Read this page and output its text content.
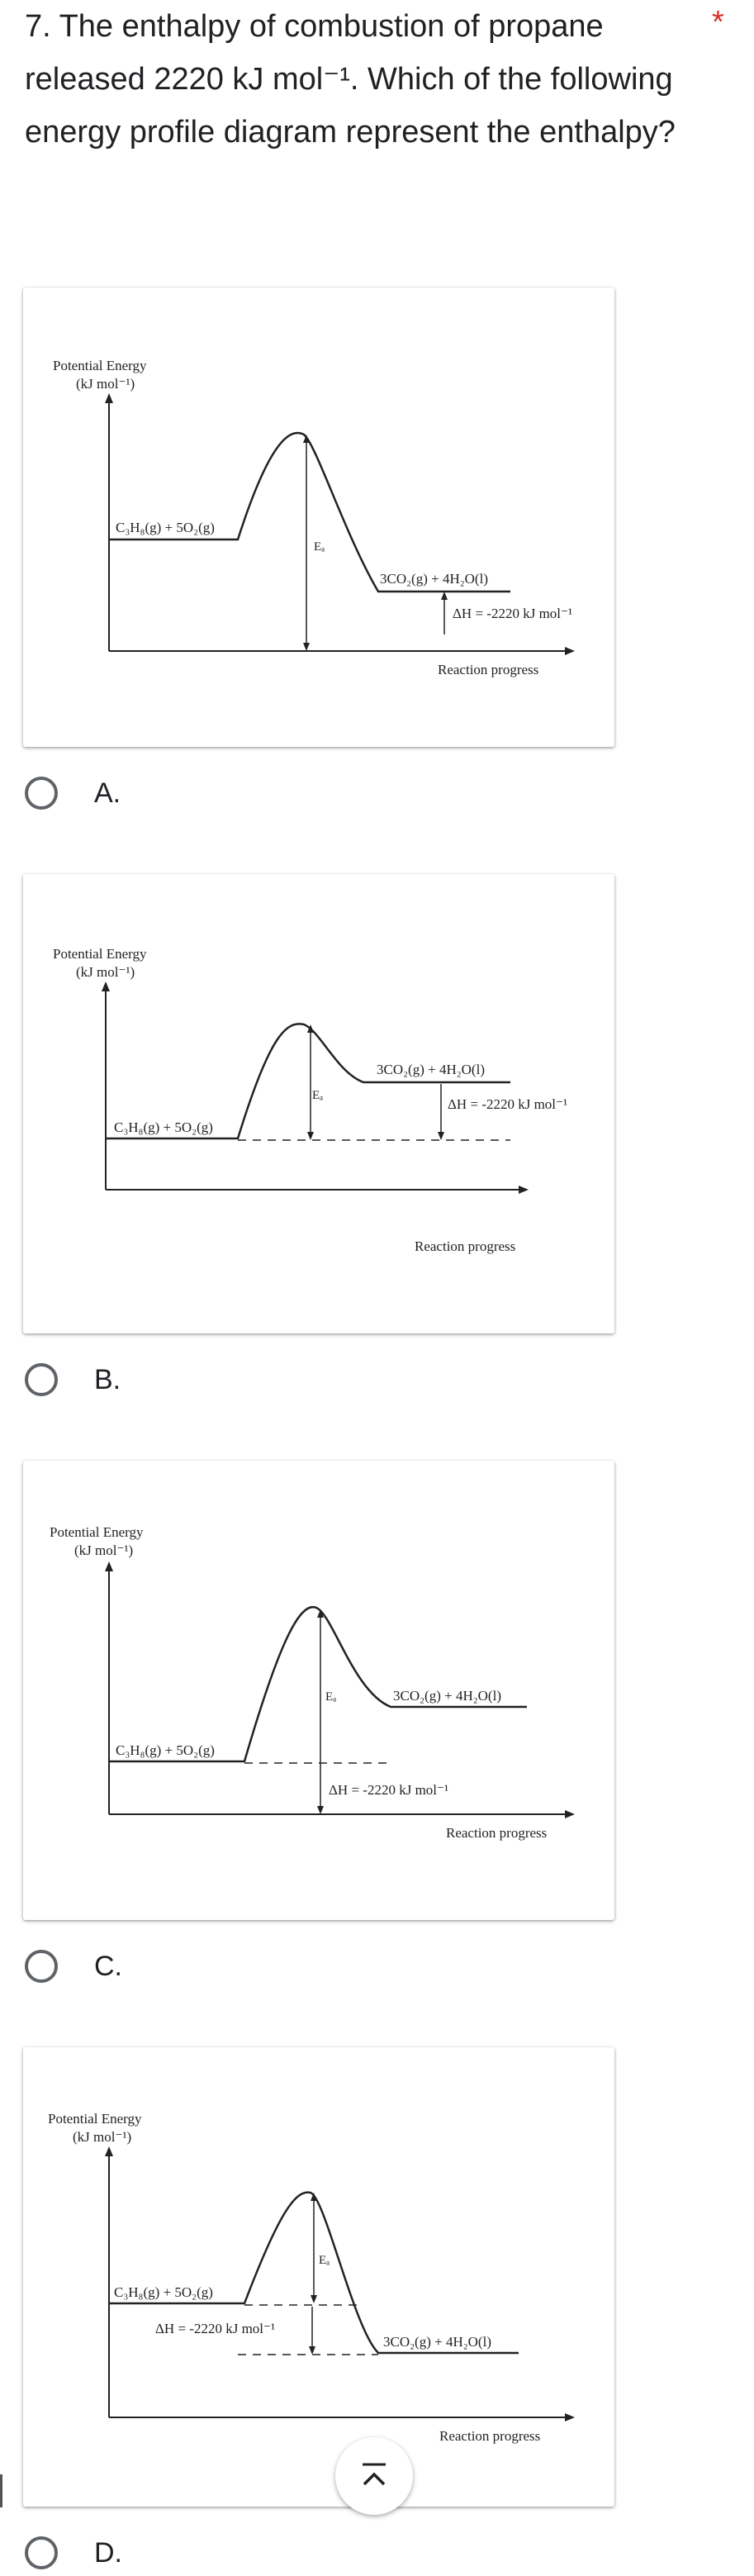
7. The enthalpy of combustion of propane released 2220 kJ mol⁻¹. Which of the following energy profile diagram represent the enthalpy?
*
Potential Energy
(kJ mol⁻¹)
C₃H₈(g) + 5O₂(g)
Eₐ
3CO₂(g) + 4H₂O(l)
ΔH = -2220 kJ mol⁻¹
Reaction progress
A.
Potential Energy
(kJ mol⁻¹)
C₃H₈(g) + 5O₂(g)
Eₐ
3CO₂(g) + 4H₂O(l)
ΔH = -2220 kJ mol⁻¹
Reaction progress
B.
Potential Energy
(kJ mol⁻¹)
C₃H₈(g) + 5O₂(g)
Eₐ	3CO₂(g) + 4H₂O(l)
ΔH = -2220 kJ mol⁻¹
Reaction progress
C.
Potential Energy
(kJ mol⁻¹)
C₃H₈(g) + 5O₂(g)
Eₐ
ΔH = -2220 kJ mol⁻¹
3CO₂(g) + 4H₂O(l)
Reaction progress
D.
